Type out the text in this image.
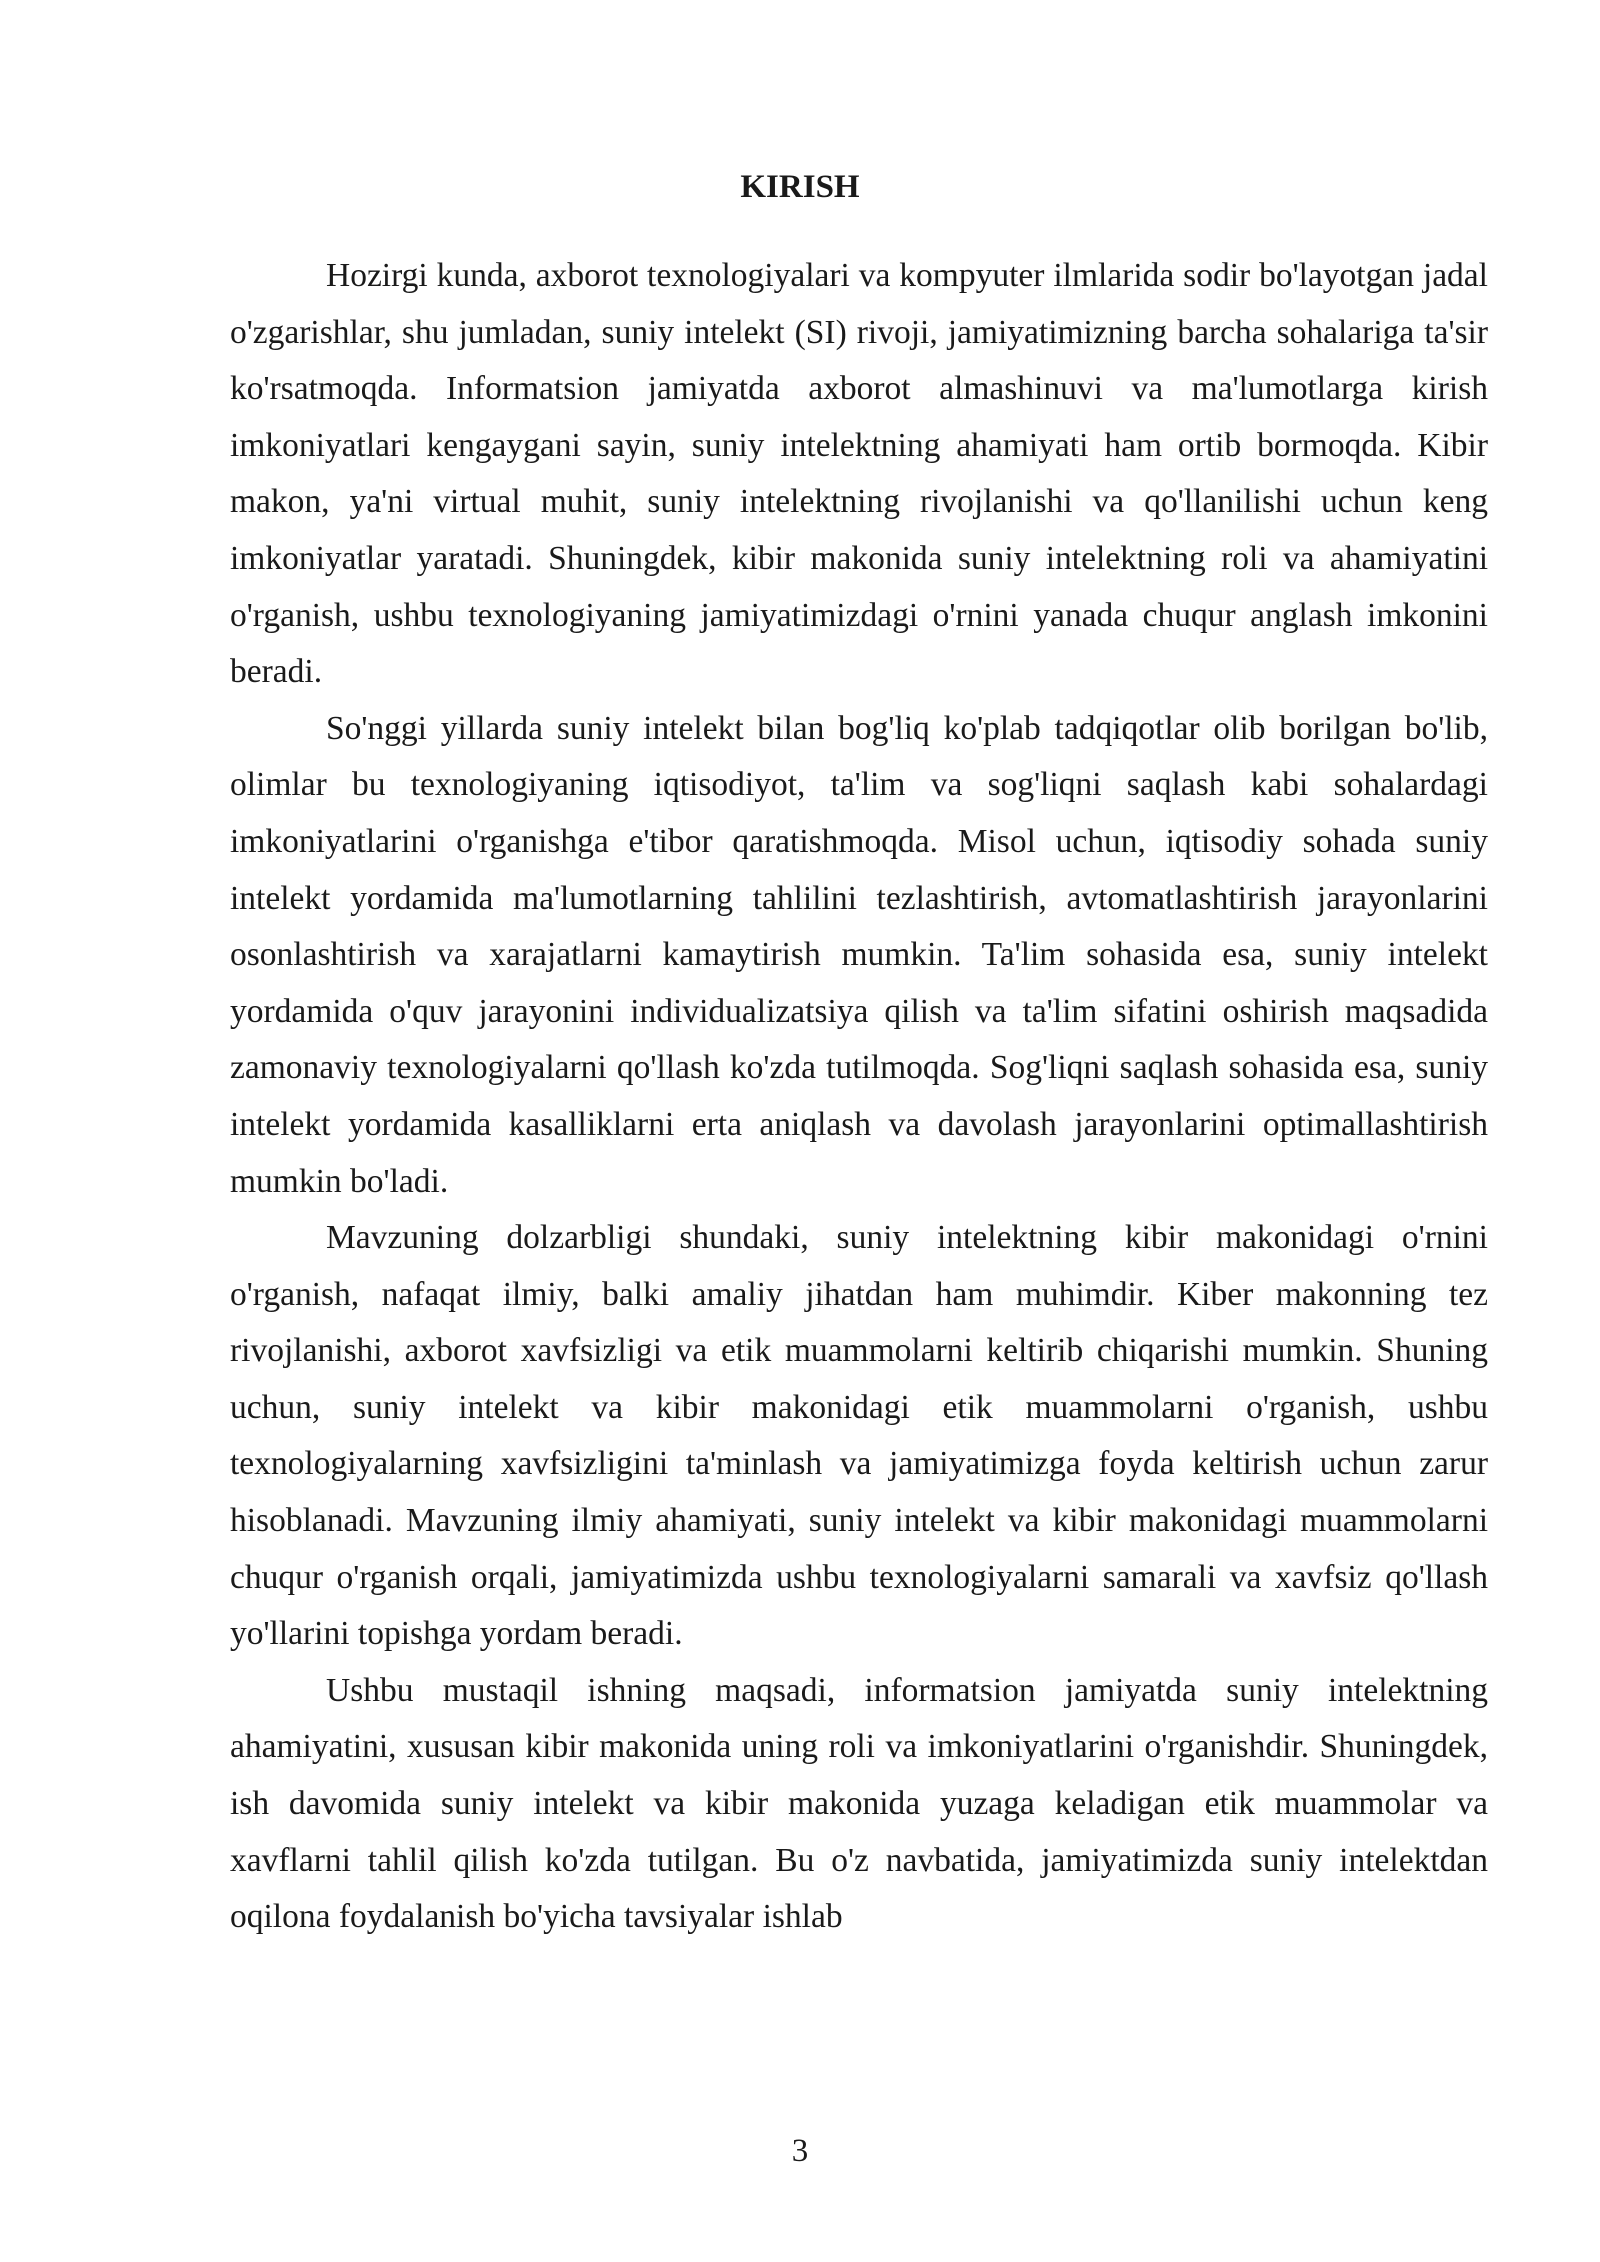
KIRISH

Hozirgi kunda, axborot texnologiyalari va kompyuter ilmlarida sodir bo'layotgan jadal o'zgarishlar, shu jumladan, suniy intelekt (SI) rivoji, jamiyatimizning barcha sohalariga ta'sir ko'rsatmoqda. Informatsion jamiyatda axborot almashinuvi va ma'lumotlarga kirish imkoniyatlari kengaygani sayin, suniy intelektning ahamiyati ham ortib bormoqda. Kibir makon, ya'ni virtual muhit, suniy intelektning rivojlanishi va qo'llanilishi uchun keng imkoniyatlar yaratadi. Shuningdek, kibir makonida suniy intelektning roli va ahamiyatini o'rganish, ushbu texnologiyaning jamiyatimizdagi o'rnini yanada chuqur anglash imkonini beradi.

So'nggi yillarda suniy intelekt bilan bog'liq ko'plab tadqiqotlar olib borilgan bo'lib, olimlar bu texnologiyaning iqtisodiyot, ta'lim va sog'liqni saqlash kabi sohalardagi imkoniyatlarini o'rganishga e'tibor qaratishmoqda. Misol uchun, iqtisodiy sohada suniy intelekt yordamida ma'lumotlarning tahlilini tezlashtirish, avtomatlashtirish jarayonlarini osonlashtirish va xarajatlarni kamaytirish mumkin. Ta'lim sohasida esa, suniy intelekt yordamida o'quv jarayonini individualizatsiya qilish va ta'lim sifatini oshirish maqsadida zamonaviy texnologiyalarni qo'llash ko'zda tutilmoqda. Sog'liqni saqlash sohasida esa, suniy intelekt yordamida kasalliklarni erta aniqlash va davolash jarayonlarini optimallashtirish mumkin bo'ladi.

Mavzuning dolzarbligi shundaki, suniy intelektning kibir makonidagi o'rnini o'rganish, nafaqat ilmiy, balki amaliy jihatdan ham muhimdir. Kiber makonning tez rivojlanishi, axborot xavfsizligi va etik muammolarni keltirib chiqarishi mumkin. Shuning uchun, suniy intelekt va kibir makonidagi etik muammolarni o'rganish, ushbu texnologiyalarning xavfsizligini ta'minlash va jamiyatimizga foyda keltirish uchun zarur hisoblanadi. Mavzuning ilmiy ahamiyati, suniy intelekt va kibir makonidagi muammolarni chuqur o'rganish orqali, jamiyatimizda ushbu texnologiyalarni samarali va xavfsiz qo'llash yo'llarini topishga yordam beradi.

Ushbu mustaqil ishning maqsadi, informatsion jamiyatda suniy intelektning ahamiyatini, xususan kibir makonida uning roli va imkoniyatlarini o'rganishdir. Shuningdek, ish davomida suniy intelekt va kibir makonida yuzaga keladigan etik muammolar va xavflarni tahlil qilish ko'zda tutilgan. Bu o'z navbatida, jamiyatimizda suniy intelektdan oqilona foydalanish bo'yicha tavsiyalar ishlab

3
